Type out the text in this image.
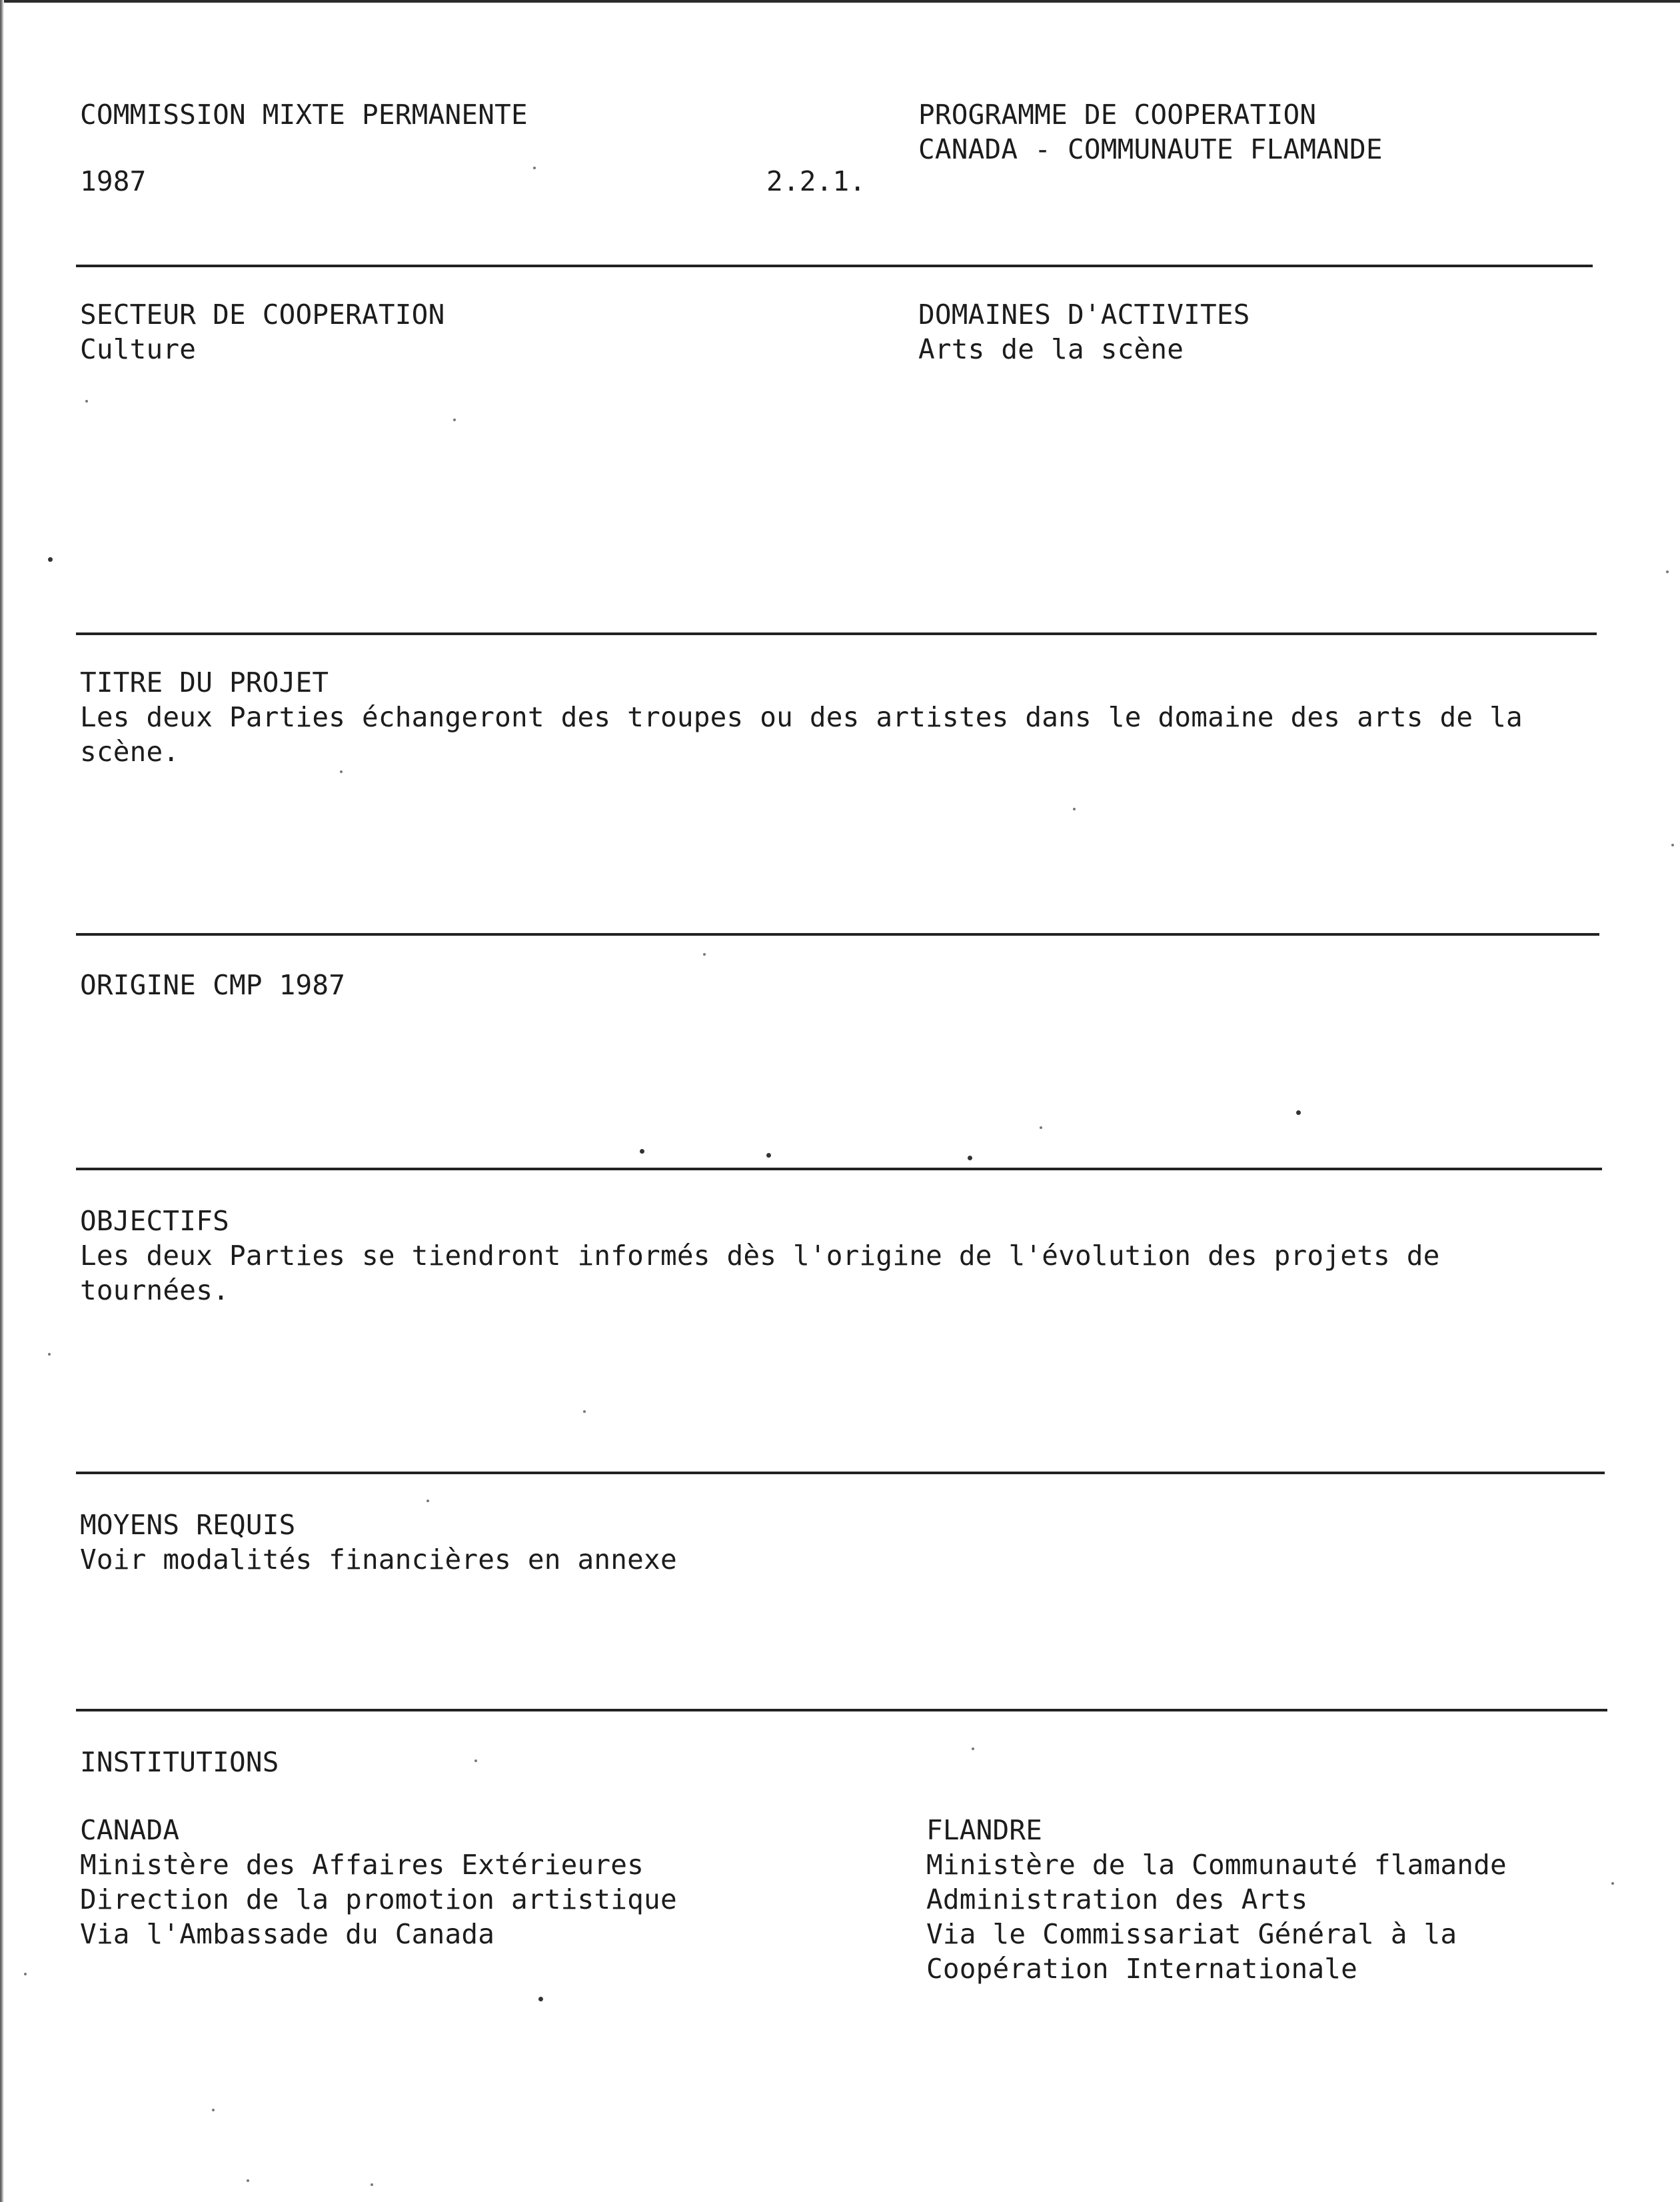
COMMISSION MIXTE PERMANENTE
1987	2.2.1.
PROGRAMME DE COOPERATION
CANADA - COMMUNAUTE FLAMANDE
SECTEUR DE COOPERATION
Culture
DOMAINES D'ACTIVITES
Arts de la scène
TITRE DU PROJET
Les deux Parties échangeront des troupes ou des artistes dans le domaine des arts de la
scène.
ORIGINE CMP 1987
OBJECTIFS
Les deux Parties se tiendront informés dès l'origine de l'évolution des projets de
tournées.
MOYENS REQUIS
Voir modalités financières en annexe
INSTITUTIONS
CANADA
Ministère des Affaires Extérieures
Direction de la promotion artistique
Via l'Ambassade du Canada
FLANDRE
Ministère de la Communauté flamande
Administration des Arts
Via le Commissariat Général à la
Coopération Internationale
